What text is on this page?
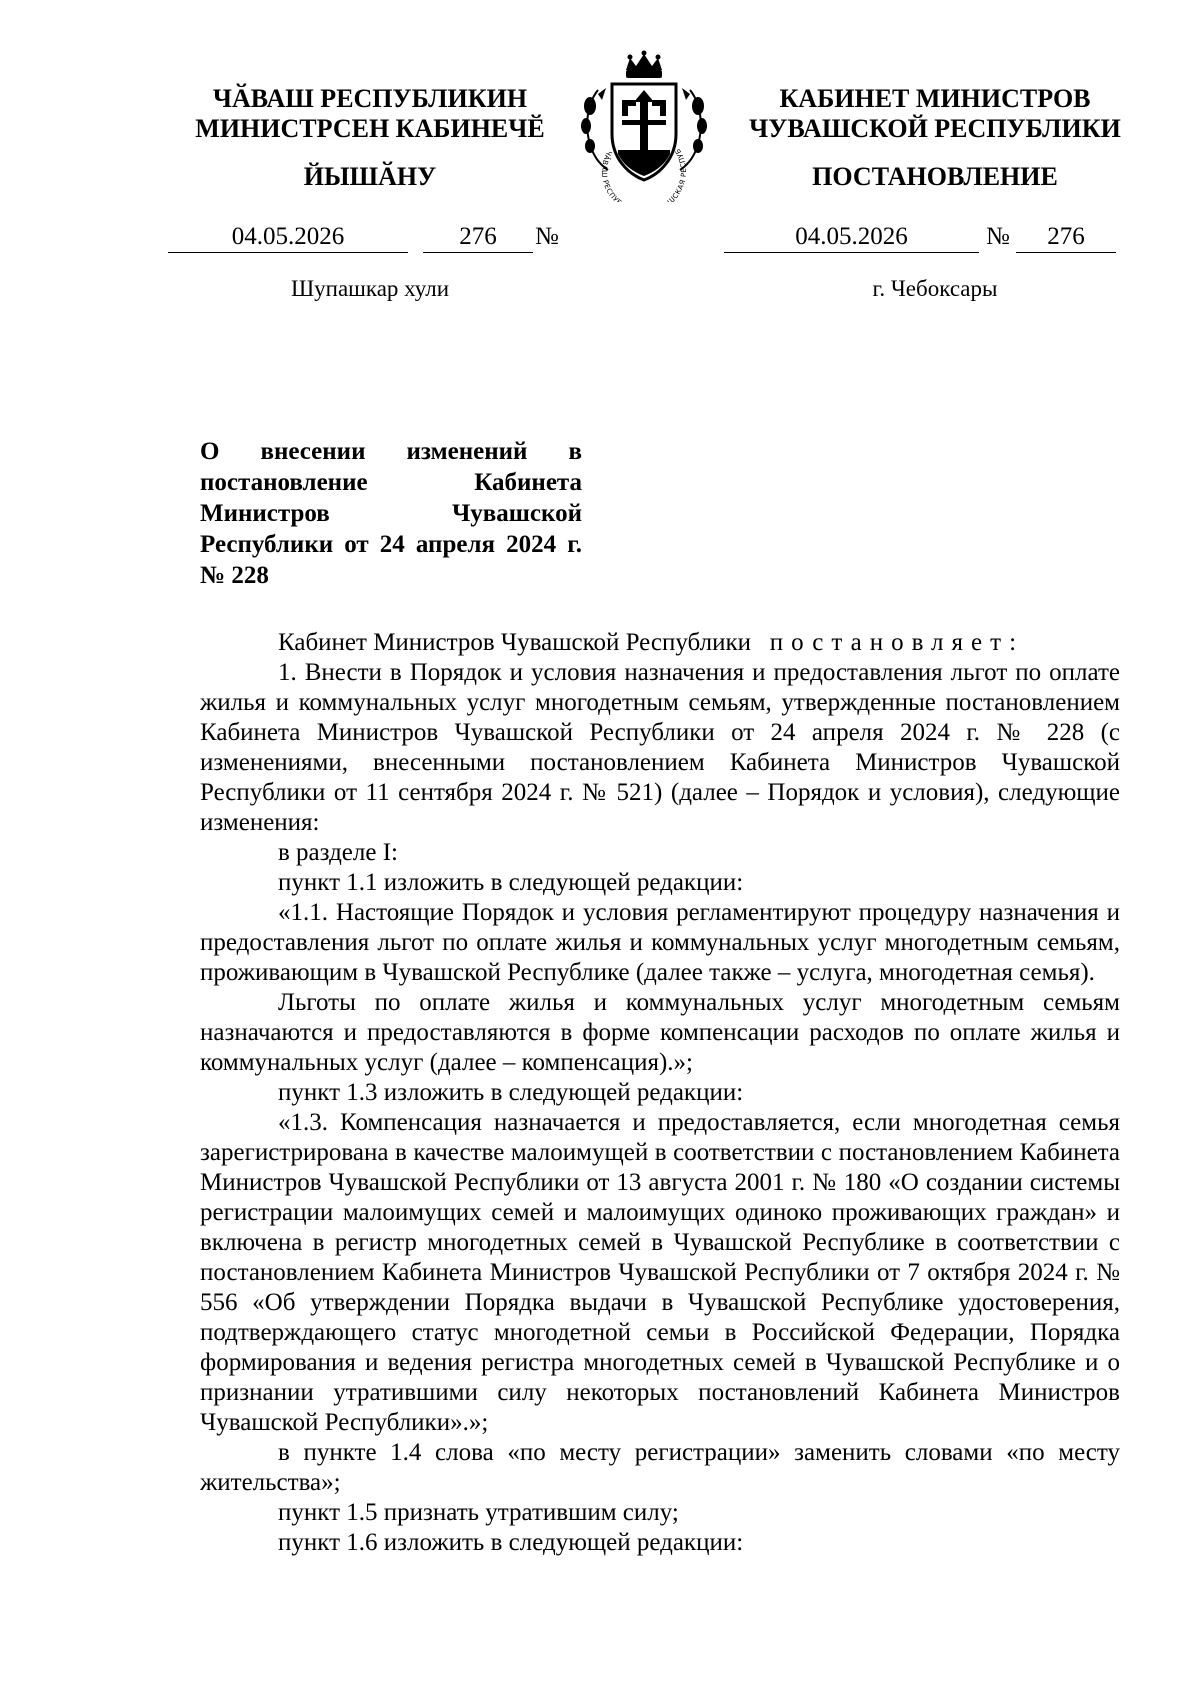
ЧӐВАШ РЕСПУБЛИКИН
МИНИСТРСЕН КАБИНЕЧӖ
ЙЫШӐНУ
КАБИНЕТ МИНИСТРОВ
ЧУВАШСКОЙ РЕСПУБЛИКИ
ПОСТАНОВЛЕНИЕ
ЧӐВАШ РЕСПУ ШСКАЯ РЕСПУБ
04.05.2026	276	№	04.05.2026	№	276
Шупашкар хули	г. Чебоксары
О внесении изменений в постановление Кабинета Министров Чувашской Республики от 24 апреля 2024 г. № 228

Кабинет Министров Чувашской Республики постановляет:

1. Внести в Порядок и условия назначения и предоставления льгот по оплате жилья и коммунальных услуг многодетным семьям, утвержденные постановлением Кабинета Министров Чувашской Республики от 24 апреля 2024 г. № 228 (с изменениями, внесенными постановлением Кабинета Министров Чувашской Республики от 11 сентября 2024 г. № 521) (далее – Порядок и условия), следующие изменения:

в разделе I:

пункт 1.1 изложить в следующей редакции:

«1.1. Настоящие Порядок и условия регламентируют процедуру назначения и предоставления льгот по оплате жилья и коммунальных услуг многодетным семьям, проживающим в Чувашской Республике (далее также – услуга, многодетная семья).

Льготы по оплате жилья и коммунальных услуг многодетным семьям назначаются и предоставляются в форме компенсации расходов по оплате жилья и коммунальных услуг (далее – компенсация).»;

пункт 1.3 изложить в следующей редакции:

«1.3. Компенсация назначается и предоставляется, если многодетная семья зарегистрирована в качестве малоимущей в соответствии с постановлением Кабинета Министров Чувашской Республики от 13 августа 2001 г. № 180 «О создании системы регистрации малоимущих семей и малоимущих одиноко проживающих граждан» и включена в регистр многодетных семей в Чувашской Республике в соответствии с постановлением Кабинета Министров Чувашской Республики от 7 октября 2024 г. № 556 «Об утверждении Порядка выдачи в Чувашской Республике удостоверения, подтверждающего статус многодетной семьи в Российской Федерации, Порядка формирования и ведения регистра многодетных семей в Чувашской Республике и о признании утратившими силу некоторых постановлений Кабинета Министров Чувашской Республики».»;

в пункте 1.4 слова «по месту регистрации» заменить словами «по месту жительства»;

пункт 1.5 признать утратившим силу;

пункт 1.6 изложить в следующей редакции:
